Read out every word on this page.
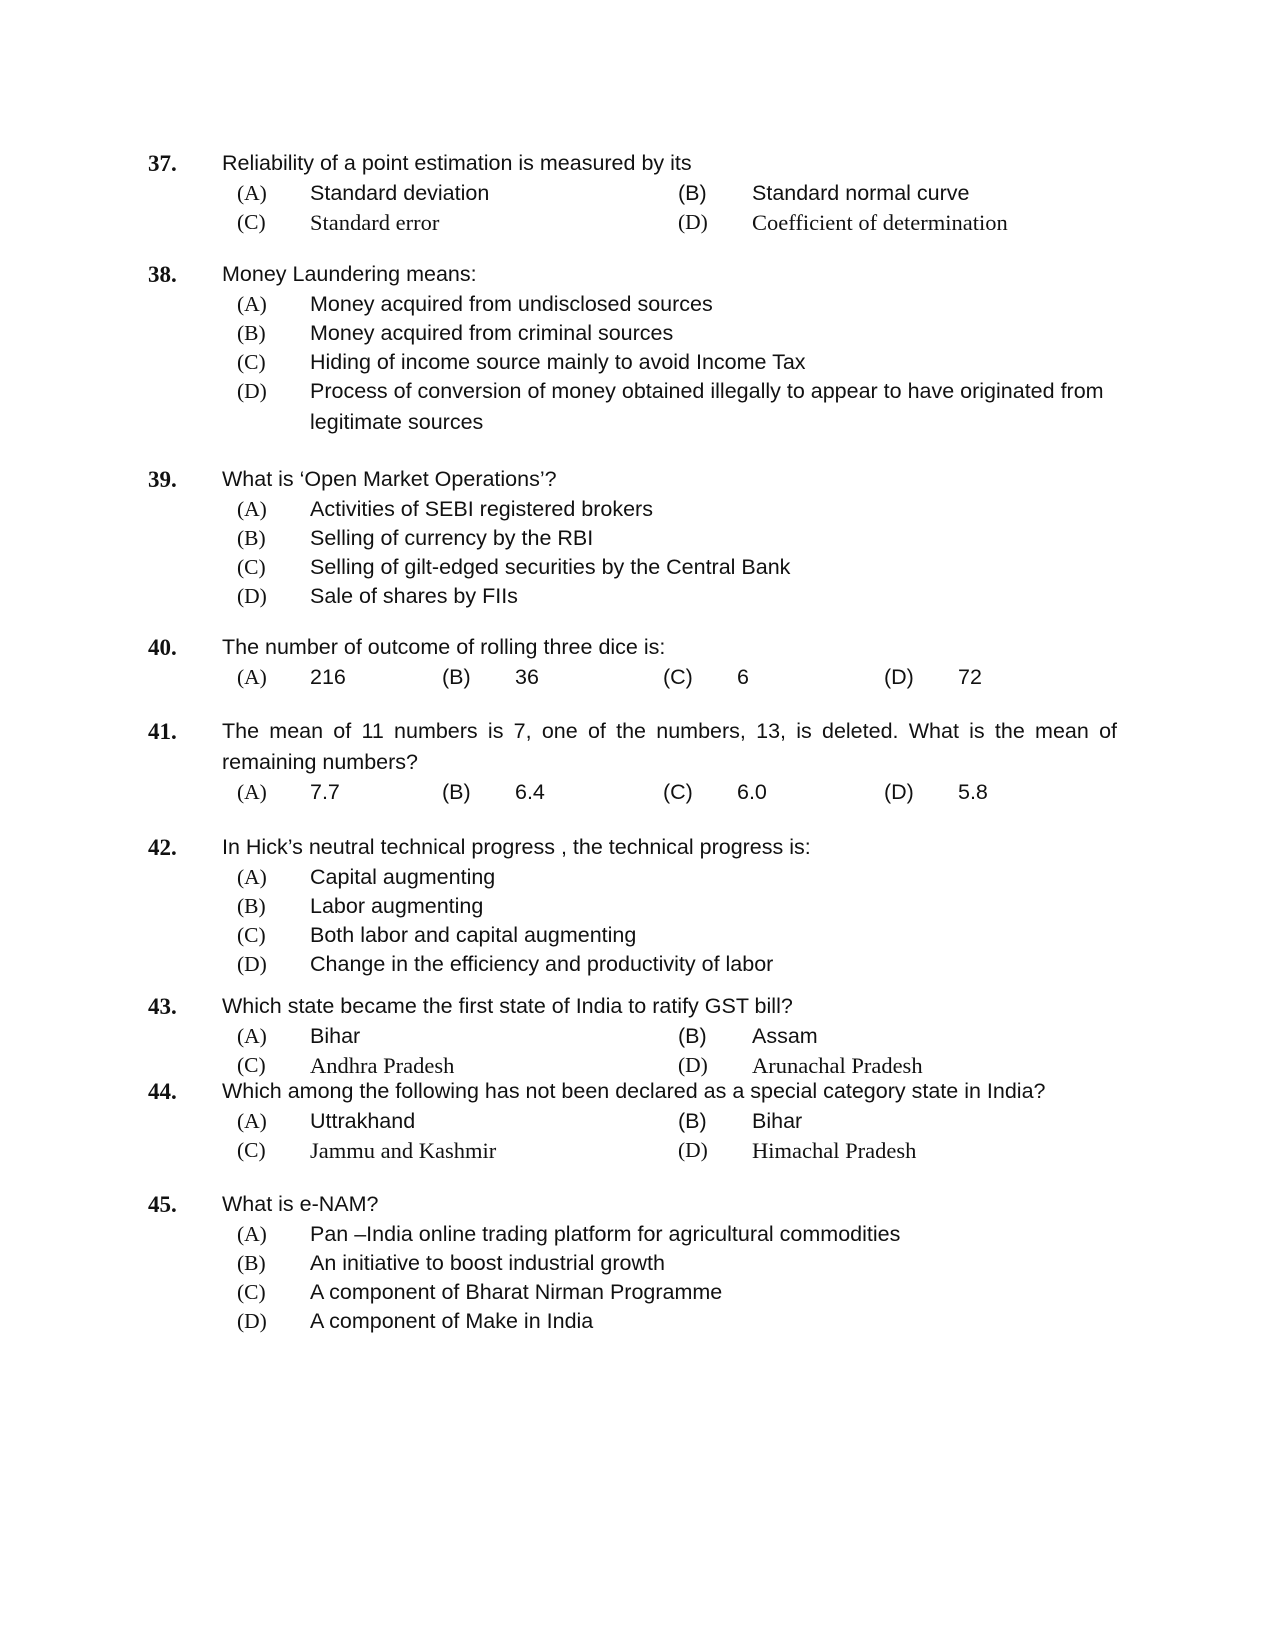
37. Reliability of a point estimation is measured by its
(A) Standard deviation	(B) Standard normal curve
(C) Standard error	(D) Coefficient of determination
38. Money Laundering means:
(A) Money acquired from undisclosed sources
(B) Money acquired from criminal sources
(C) Hiding of income source mainly to avoid Income Tax
(D) Process of conversion of money obtained illegally to appear to have originated from legitimate sources
39. What is ‘Open Market Operations’?
(A) Activities of SEBI registered brokers
(B) Selling of currency by the RBI
(C) Selling of gilt-edged securities by the Central Bank
(D) Sale of shares by FIIs
40. The number of outcome of rolling three dice is:
(A) 216	(B) 36	(C) 6	(D) 72
41. The mean of 11 numbers is 7, one of the numbers, 13, is deleted. What is the mean of remaining numbers?
(A) 7.7	(B) 6.4	(C) 6.0	(D) 5.8
42. In Hick’s neutral technical progress , the technical progress is:
(A) Capital augmenting
(B) Labor augmenting
(C) Both labor and capital augmenting
(D) Change in the efficiency and productivity of labor
43. Which state became the first state of India to ratify GST bill?
(A) Bihar	(B) Assam
(C) Andhra Pradesh	(D) Arunachal Pradesh
44. Which among the following has not been declared as a special category state in India?
(A) Uttrakhand	(B) Bihar
(C) Jammu and Kashmir	(D) Himachal Pradesh
45. What is e-NAM?
(A) Pan –India online trading platform for agricultural commodities
(B) An initiative to boost industrial growth
(C) A component of Bharat Nirman Programme
(D) A component of Make in India
